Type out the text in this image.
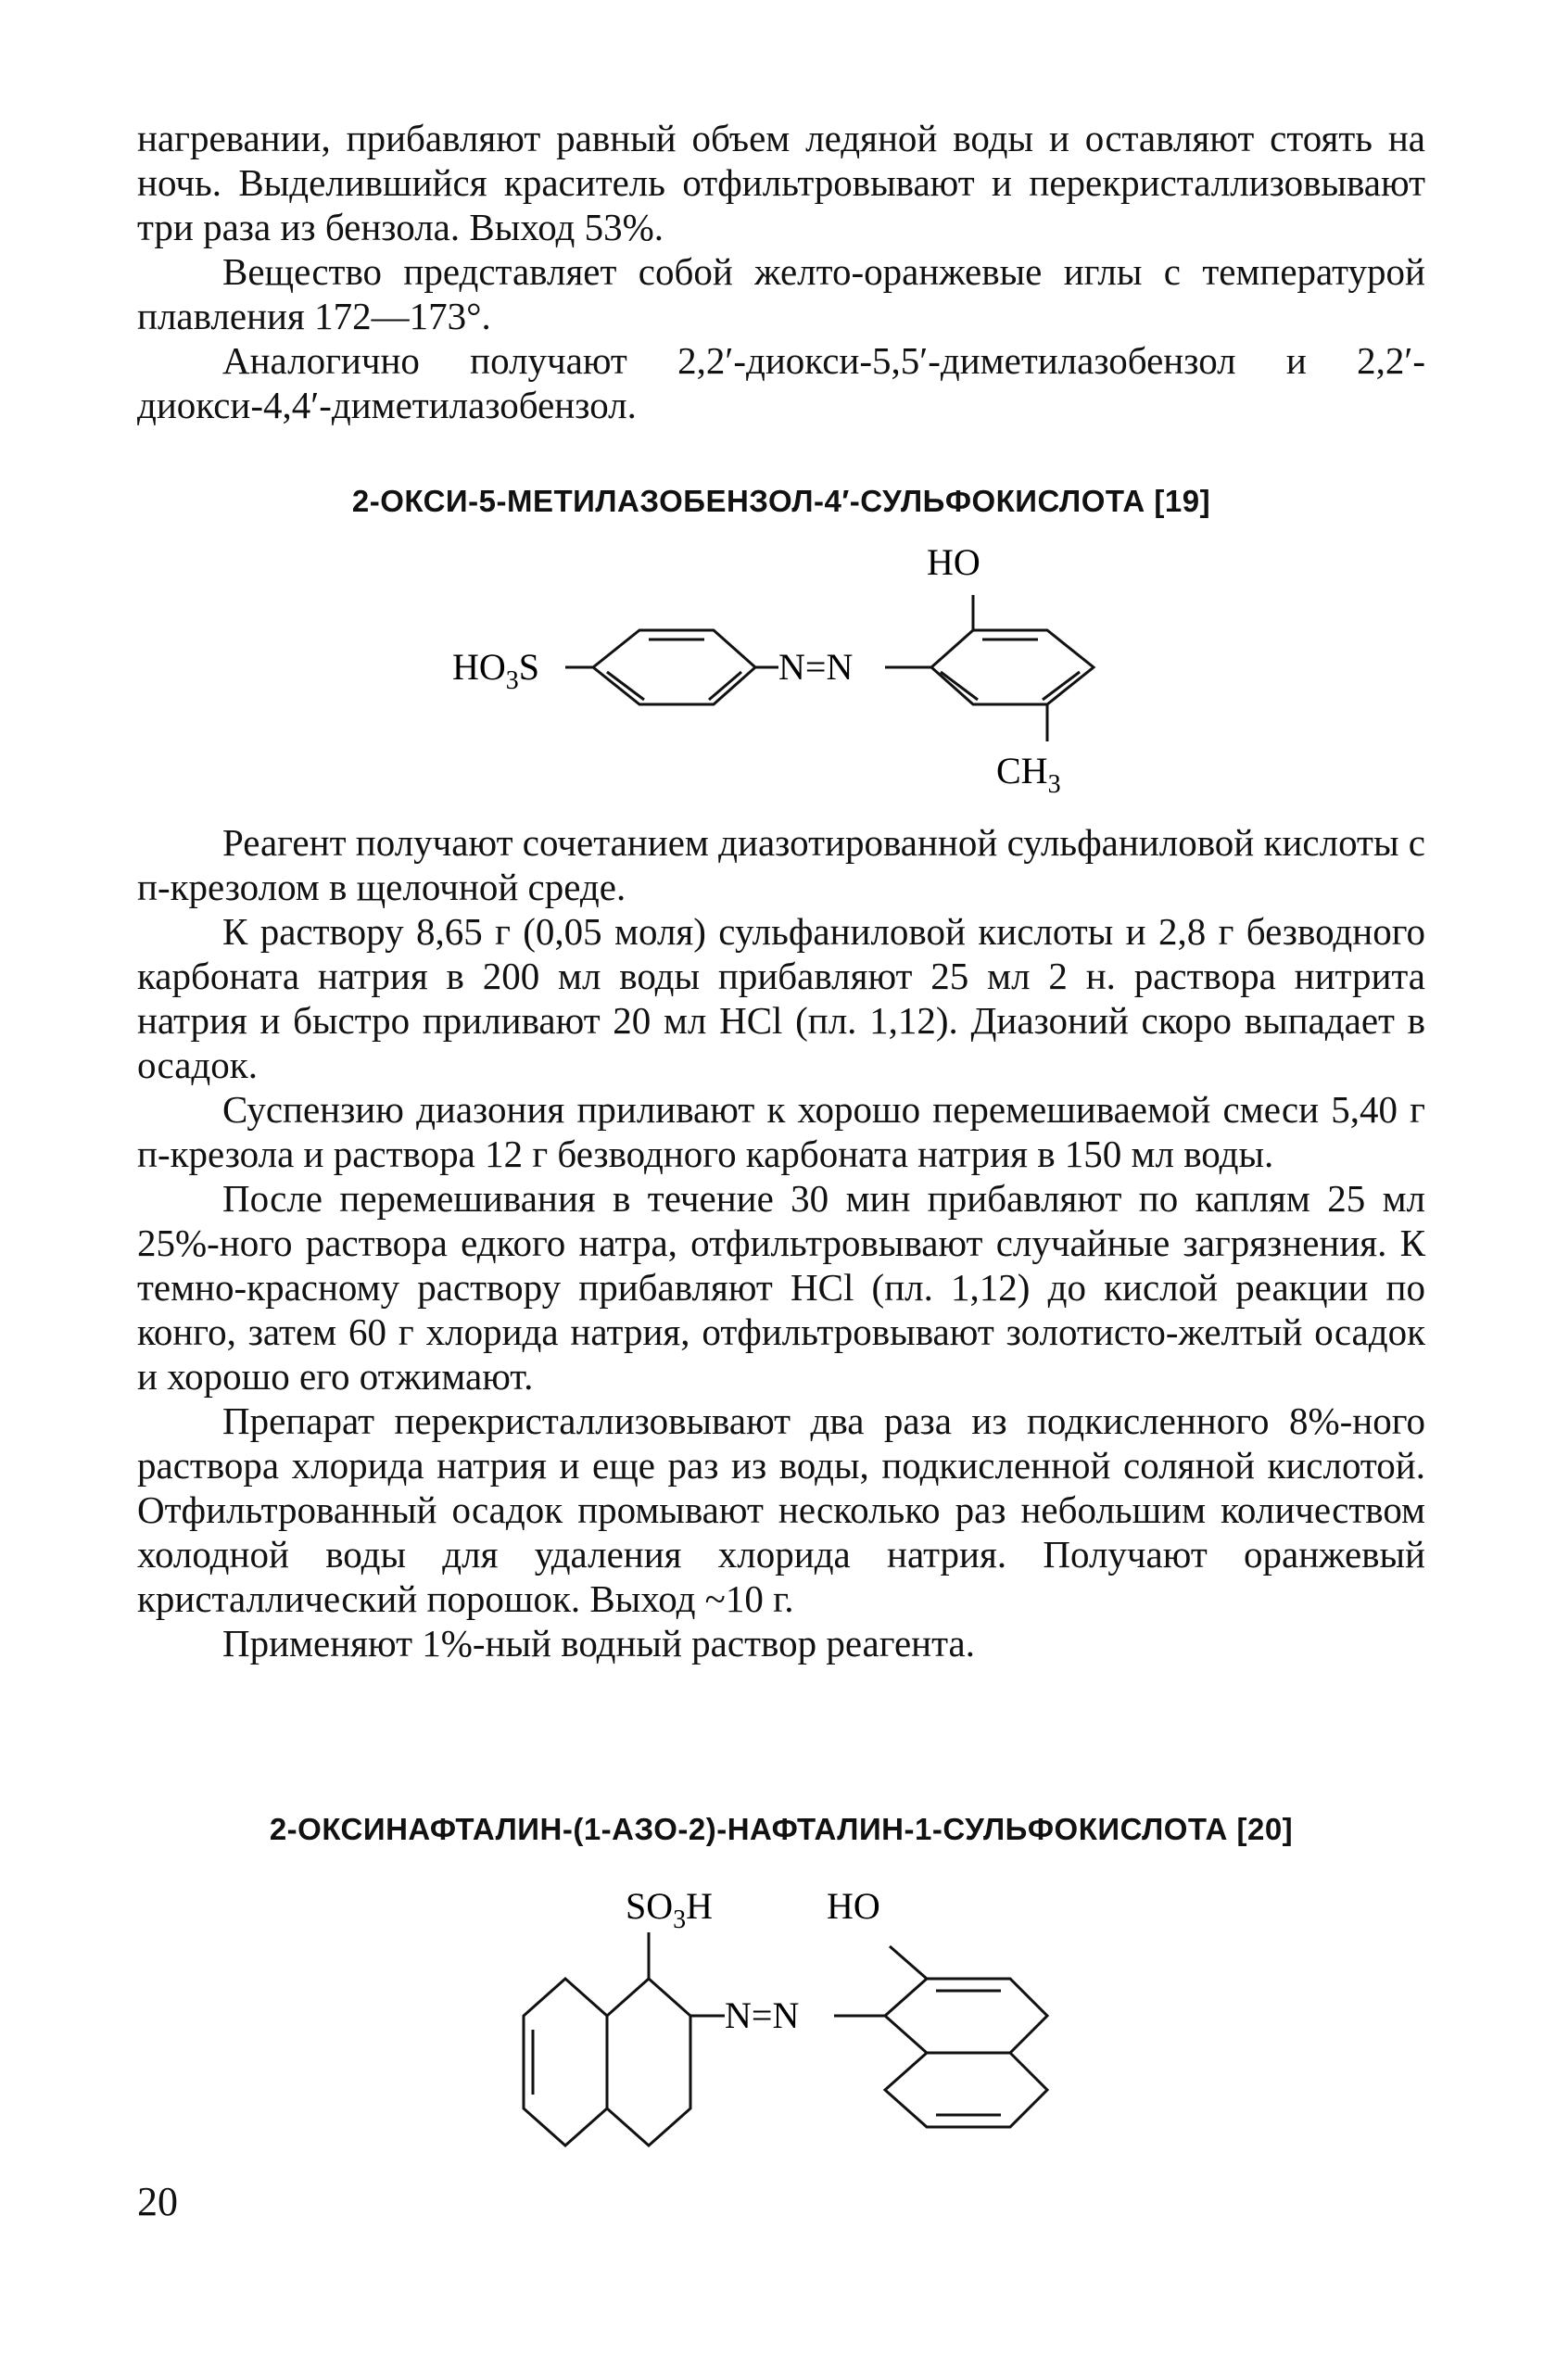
нагревании, прибавляют равный объем ледяной воды и оставляют стоять на ночь. Выделившийся краситель отфильтровывают и перекристаллизовывают три раза из бензола. Выход 53%.

Вещество представляет собой желто-оранжевые иглы с температурой плавления 172—173°.

Аналогично получают 2,2′-диокси-5,5′-диметилазобензол и 2,2′-диокси-4,4′-диметилазобензол.

2-ОКСИ-5-МЕТИЛАЗОБЕНЗОЛ-4′-СУЛЬФОКИСЛОТА [19]
$HO_3S$	N=N
HO
$CH_3$

Реагент получают сочетанием диазотированной сульфаниловой кислоты с п-крезолом в щелочной среде.

К раствору 8,65 г (0,05 моля) сульфаниловой кислоты и 2,8 г безводного карбоната натрия в 200 мл воды прибавляют 25 мл 2 н. раствора нитрита натрия и быстро приливают 20 мл HCl (пл. 1,12). Диазоний скоро выпадает в осадок.

Суспензию диазония приливают к хорошо перемешиваемой смеси 5,40 г п-крезола и раствора 12 г безводного карбоната натрия в 150 мл воды.

После перемешивания в течение 30 мин прибавляют по каплям 25 мл 25%-ного раствора едкого натра, отфильтровывают случайные загрязнения. К темно-красному раствору прибавляют HCl (пл. 1,12) до кислой реакции по конго, затем 60 г хлорида натрия, отфильтровывают золотисто-желтый осадок и хорошо его отжимают.

Препарат перекристаллизовывают два раза из подкисленного 8%-ного раствора хлорида натрия и еще раз из воды, подкисленной соляной кислотой. Отфильтрованный осадок промывают несколько раз небольшим количеством холодной воды для удаления хлорида натрия. Получают оранжевый кристаллический порошок. Выход ~10 г.

Применяют 1%-ный водный раствор реагента.

2-ОКСИНАФТАЛИН-(1-АЗО-2)-НАФТАЛИН-1-СУЛЬФОКИСЛОТА [20]
$SO_3H$	HO
N=N
20
